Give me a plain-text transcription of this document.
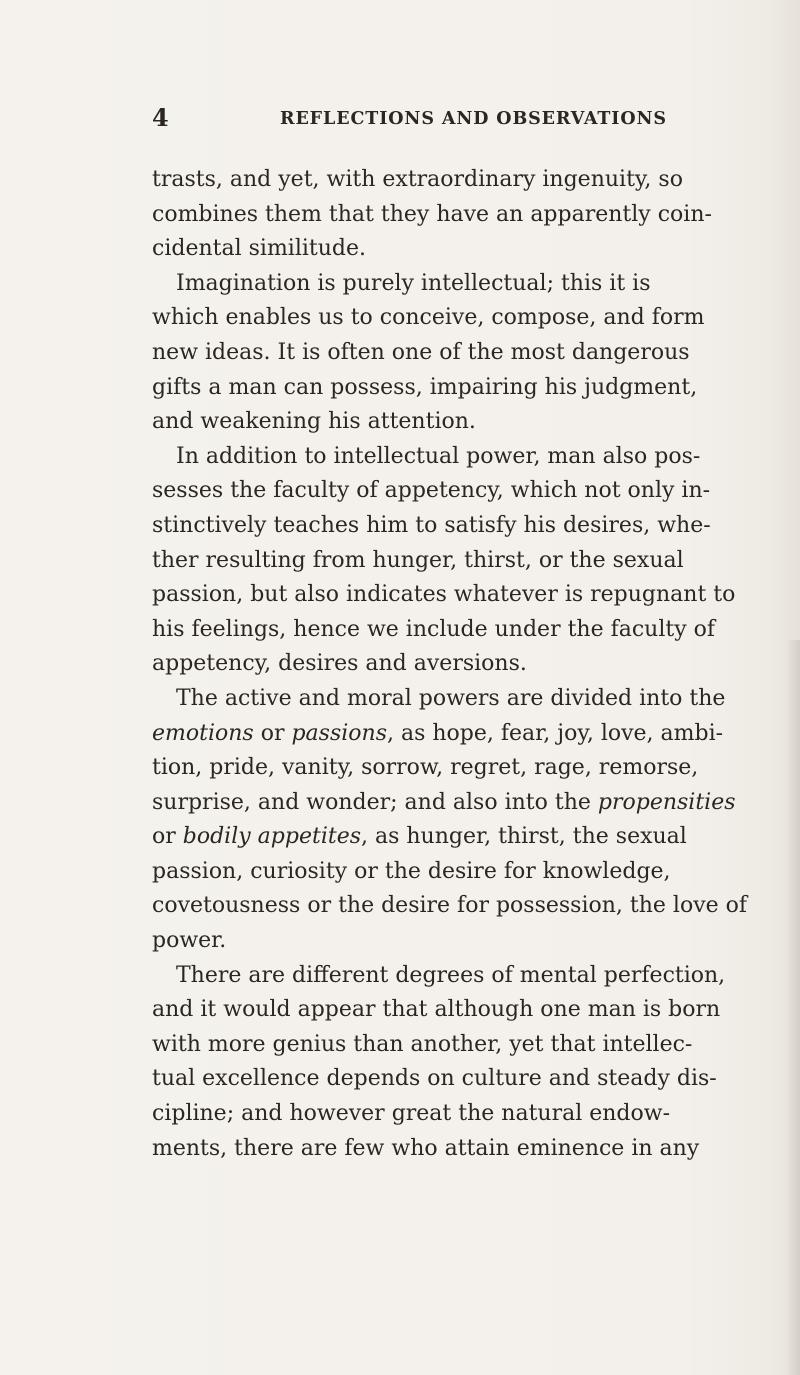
4	REFLECTIONS AND OBSERVATIONS
trasts, and yet, with extraordinary ingenuity, so
combines them that they have an apparently coin-
cidental similitude.
Imagination is purely intellectual; this it is
which enables us to conceive, compose, and form
new ideas. It is often one of the most dangerous
gifts a man can possess, impairing his judgment,
and weakening his attention.
In addition to intellectual power, man also pos-
sesses the faculty of appetency, which not only in-
stinctively teaches him to satisfy his desires, whe-
ther resulting from hunger, thirst, or the sexual
passion, but also indicates whatever is repugnant to
his feelings, hence we include under the faculty of
appetency, desires and aversions.
The active and moral powers are divided into the
emotions or passions, as hope, fear, joy, love, ambi-
tion, pride, vanity, sorrow, regret, rage, remorse,
surprise, and wonder; and also into the propensities
or bodily appetites, as hunger, thirst, the sexual
passion, curiosity or the desire for knowledge,
covetousness or the desire for possession, the love of
power.
There are different degrees of mental perfection,
and it would appear that although one man is born
with more genius than another, yet that intellec-
tual excellence depends on culture and steady dis-
cipline; and however great the natural endow-
ments, there are few who attain eminence in any
